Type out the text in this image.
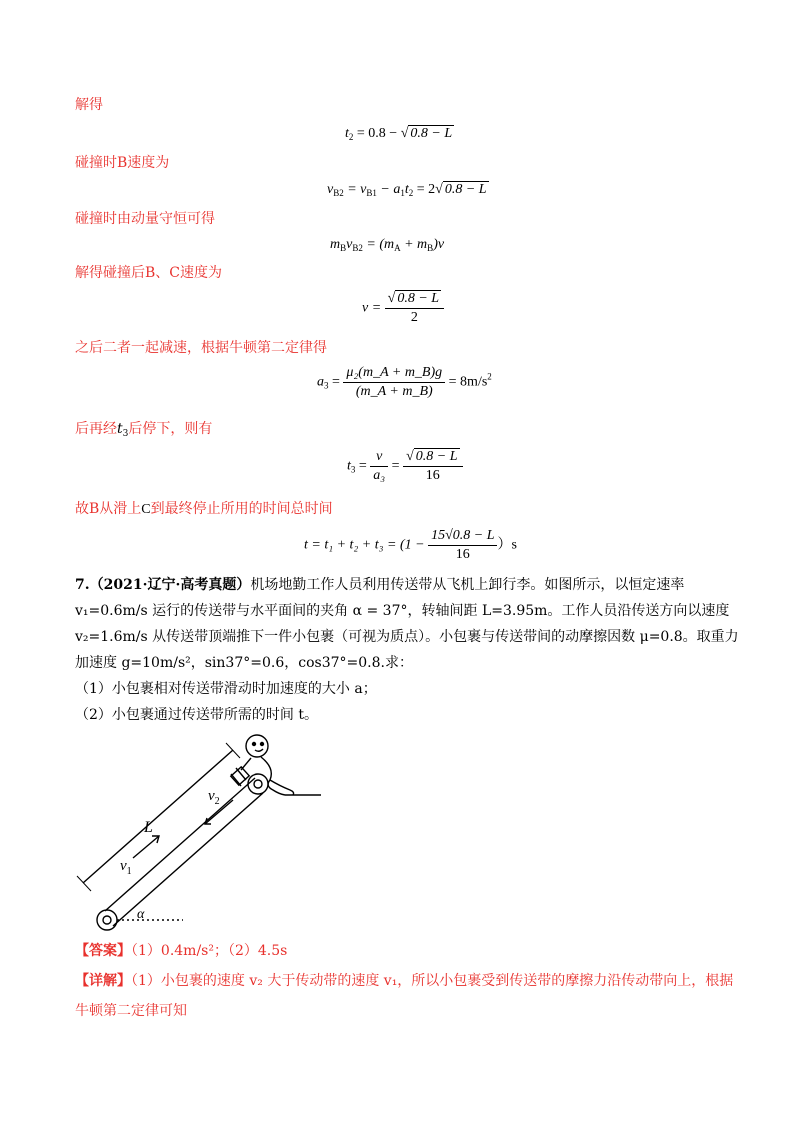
解得
$t_2 = 0.8$ − √ 0.8 − L
碰撞时B速度为
$v_{B2} = v_{B1} - a_1t_2 = 2√$ 0.8 − L
碰撞时由动量守恒可得
$m_Bv_{B2} = (m_A + m_B)v$
解得碰撞后B、C速度为
$v = \frac{√ 0.8 - L}{2}$
之后二者一起减速，根据牛顿第二定律得
$a_3 = \frac{\text{μ₂(m\_A + m\_B)g}}{(m\_A + m\_B)} = 8m/s^2$
后再经$t_3$后停下，则有
$t_3 = \frac{v}{\text{a₃}} = \frac{√ 0.8 - L}{16}$
故B从滑上C到最终停止所用的时间总时间
$t = t_1 + t_2 + t_3 = (1 - \frac{15√0.8 - L}{16} )s$
7.（2021·辽宁·高考真题）机场地勤工作人员利用传送带从飞机上卸行李。如图所示，以恒定速率
v₁=0.6m/s 运行的传送带与水平面间的夹角 α = 37°，转轴间距 L=3.95m。工作人员沿传送方向以速度
v₂=1.6m/s 从传送带顶端推下一件小包裹（可视为质点）。小包裹与传送带间的动摩擦因数 μ=0.8。取重力
加速度 g=10m/s²，sin37°=0.6，cos37°=0.8.求：
（1）小包裹相对传送带滑动时加速度的大小 a；
（2）小包裹通过传送带所需的时间 t。
L
$v_1$
$v_2$
α
【答案】（1）0.4m/s²；（2）4.5s
【详解】（1）小包裹的速度 v₂ 大于传动带的速度 v₁，所以小包裹受到传送带的摩擦力沿传动带向上，根据
牛顿第二定律可知
